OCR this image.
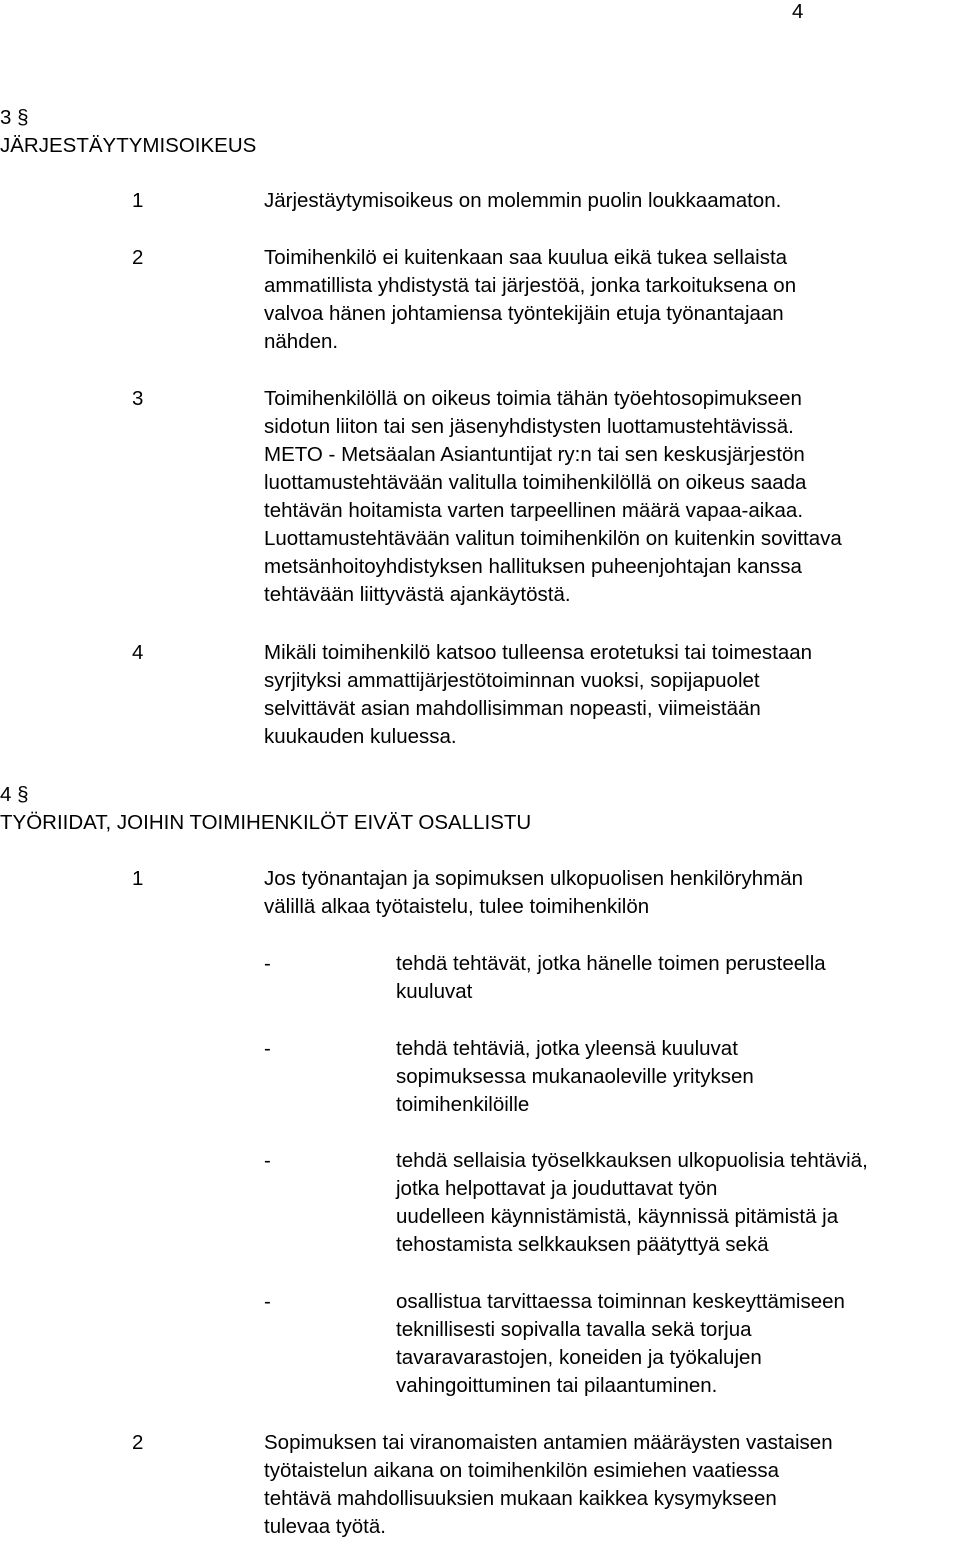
4
3 §
JÄRJESTÄYTYMISOIKEUS
1	Järjestäytymisoikeus on molemmin puolin loukkaamaton.
2	Toimihenkilö ei kuitenkaan saa kuulua eikä tukea sellaista
ammatillista yhdistystä tai järjestöä, jonka tarkoituksena on
valvoa hänen johtamiensa työntekijäin etuja työnantajaan
nähden.
3	Toimihenkilöllä on oikeus toimia tähän työehtosopimukseen
sidotun liiton tai sen jäsenyhdistysten luottamustehtävissä.
METO - Metsäalan Asiantuntijat ry:n tai sen keskusjärjestön
luottamustehtävään valitulla toimihenkilöllä on oikeus saada
tehtävän hoitamista varten tarpeellinen määrä vapaa-aikaa.
Luottamustehtävään valitun toimihenkilön on kuitenkin sovittava
metsänhoitoyhdistyksen hallituksen puheenjohtajan kanssa
tehtävään liittyvästä ajankäytöstä.
4	Mikäli toimihenkilö katsoo tulleensa erotetuksi tai toimestaan
syrjityksi ammattijärjestötoiminnan vuoksi, sopijapuolet
selvittävät asian mahdollisimman nopeasti, viimeistään
kuukauden kuluessa.
4 §
TYÖRIIDAT, JOIHIN TOIMIHENKILÖT EIVÄT OSALLISTU
1	Jos työnantajan ja sopimuksen ulkopuolisen henkilöryhmän
välillä alkaa työtaistelu, tulee toimihenkilön
-	tehdä tehtävät, jotka hänelle toimen perusteella
kuuluvat
-	tehdä tehtäviä, jotka yleensä kuuluvat
sopimuksessa mukanaoleville yrityksen
toimihenkilöille
-	tehdä sellaisia työselkkauksen ulkopuolisia tehtäviä,
jotka helpottavat ja jouduttavat työn
uudelleen käynnistämistä, käynnissä pitämistä ja
tehostamista selkkauksen päätyttyä sekä
-	osallistua tarvittaessa toiminnan keskeyttämiseen
teknillisesti sopivalla tavalla sekä torjua
tavaravarastojen, koneiden ja työkalujen
vahingoittuminen tai pilaantuminen.
2	Sopimuksen tai viranomaisten antamien määräysten vastaisen
työtaistelun aikana on toimihenkilön esimiehen vaatiessa
tehtävä mahdollisuuksien mukaan kaikkea kysymykseen
tulevaa työtä.
